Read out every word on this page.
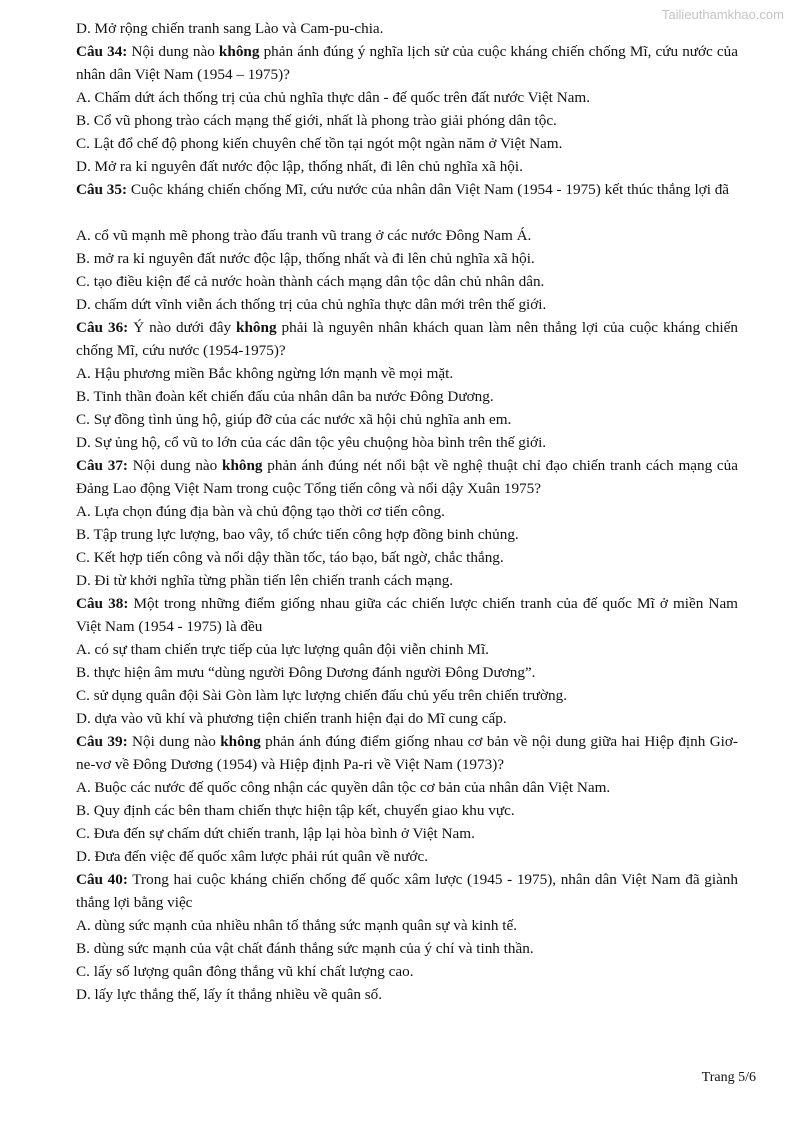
Tailieuthamkhao.com
D. Mở rộng chiến tranh sang Lào và Cam-pu-chia.
Câu 34: Nội dung nào không phản ánh đúng ý nghĩa lịch sử của cuộc kháng chiến chống Mĩ, cứu nước của nhân dân Việt Nam (1954 – 1975)?
A. Chấm dứt ách thống trị của chủ nghĩa thực dân - đế quốc trên đất nước Việt Nam.
B. Cổ vũ phong trào cách mạng thế giới, nhất là phong trào giải phóng dân tộc.
C. Lật đổ chế độ phong kiến chuyên chế tồn tại ngót một ngàn năm ở Việt Nam.
D. Mở ra kỉ nguyên đất nước độc lập, thống nhất, đi lên chủ nghĩa xã hội.
Câu 35: Cuộc kháng chiến chống Mĩ, cứu nước của nhân dân Việt Nam (1954 - 1975) kết thúc thắng lợi đã
A. cổ vũ mạnh mẽ phong trào đấu tranh vũ trang ở các nước Đông Nam Á.
B. mở ra kỉ nguyên đất nước độc lập, thống nhất và đi lên chủ nghĩa xã hội.
C. tạo điều kiện để cả nước hoàn thành cách mạng dân tộc dân chủ nhân dân.
D. chấm dứt vĩnh viễn ách thống trị của chủ nghĩa thực dân mới trên thế giới.
Câu 36: Ý nào dưới đây không phải là nguyên nhân khách quan làm nên thắng lợi của cuộc kháng chiến chống Mĩ, cứu nước (1954-1975)?
A. Hậu phương miền Bắc không ngừng lớn mạnh về mọi mặt.
B. Tinh thần đoàn kết chiến đấu của nhân dân ba nước Đông Dương.
C. Sự đồng tình ủng hộ, giúp đỡ của các nước xã hội chủ nghĩa anh em.
D. Sự ủng hộ, cổ vũ to lớn của các dân tộc yêu chuộng hòa bình trên thế giới.
Câu 37: Nội dung nào không phản ánh đúng nét nổi bật về nghệ thuật chỉ đạo chiến tranh cách mạng của Đảng Lao động Việt Nam trong cuộc Tổng tiến công và nổi dậy Xuân 1975?
A. Lựa chọn đúng địa bàn và chủ động tạo thời cơ tiến công.
B. Tập trung lực lượng, bao vây, tổ chức tiến công hợp đồng binh chủng.
C. Kết hợp tiến công và nổi dậy thần tốc, táo bạo, bất ngờ, chắc thắng.
D. Đi từ khởi nghĩa từng phần tiến lên chiến tranh cách mạng.
Câu 38: Một trong những điểm giống nhau giữa các chiến lược chiến tranh của đế quốc Mĩ ở miền Nam Việt Nam (1954 - 1975) là đều
A. có sự tham chiến trực tiếp của lực lượng quân đội viễn chinh Mĩ.
B. thực hiện âm mưu “dùng người Đông Dương đánh người Đông Dương”.
C. sử dụng quân đội Sài Gòn làm lực lượng chiến đấu chủ yếu trên chiến trường.
D. dựa vào vũ khí và phương tiện chiến tranh hiện đại do Mĩ cung cấp.
Câu 39: Nội dung nào không phản ánh đúng điểm giống nhau cơ bản về nội dung giữa hai Hiệp định Giơ-ne-vơ về Đông Dương (1954) và Hiệp định Pa-ri về Việt Nam (1973)?
A. Buộc các nước đế quốc công nhận các quyền dân tộc cơ bản của nhân dân Việt Nam.
B. Quy định các bên tham chiến thực hiện tập kết, chuyển giao khu vực.
C. Đưa đến sự chấm dứt chiến tranh, lập lại hòa bình ở Việt Nam.
D. Đưa đến việc đế quốc xâm lược phải rút quân về nước.
Câu 40: Trong hai cuộc kháng chiến chống đế quốc xâm lược (1945 - 1975), nhân dân Việt Nam đã giành thắng lợi bằng việc
A. dùng sức mạnh của nhiều nhân tố thắng sức mạnh quân sự và kinh tế.
B. dùng sức mạnh của vật chất đánh thắng sức mạnh của ý chí và tinh thần.
C. lấy số lượng quân đông thắng vũ khí chất lượng cao.
D. lấy lực thắng thế, lấy ít thắng nhiều về quân số.
Trang 5/6
